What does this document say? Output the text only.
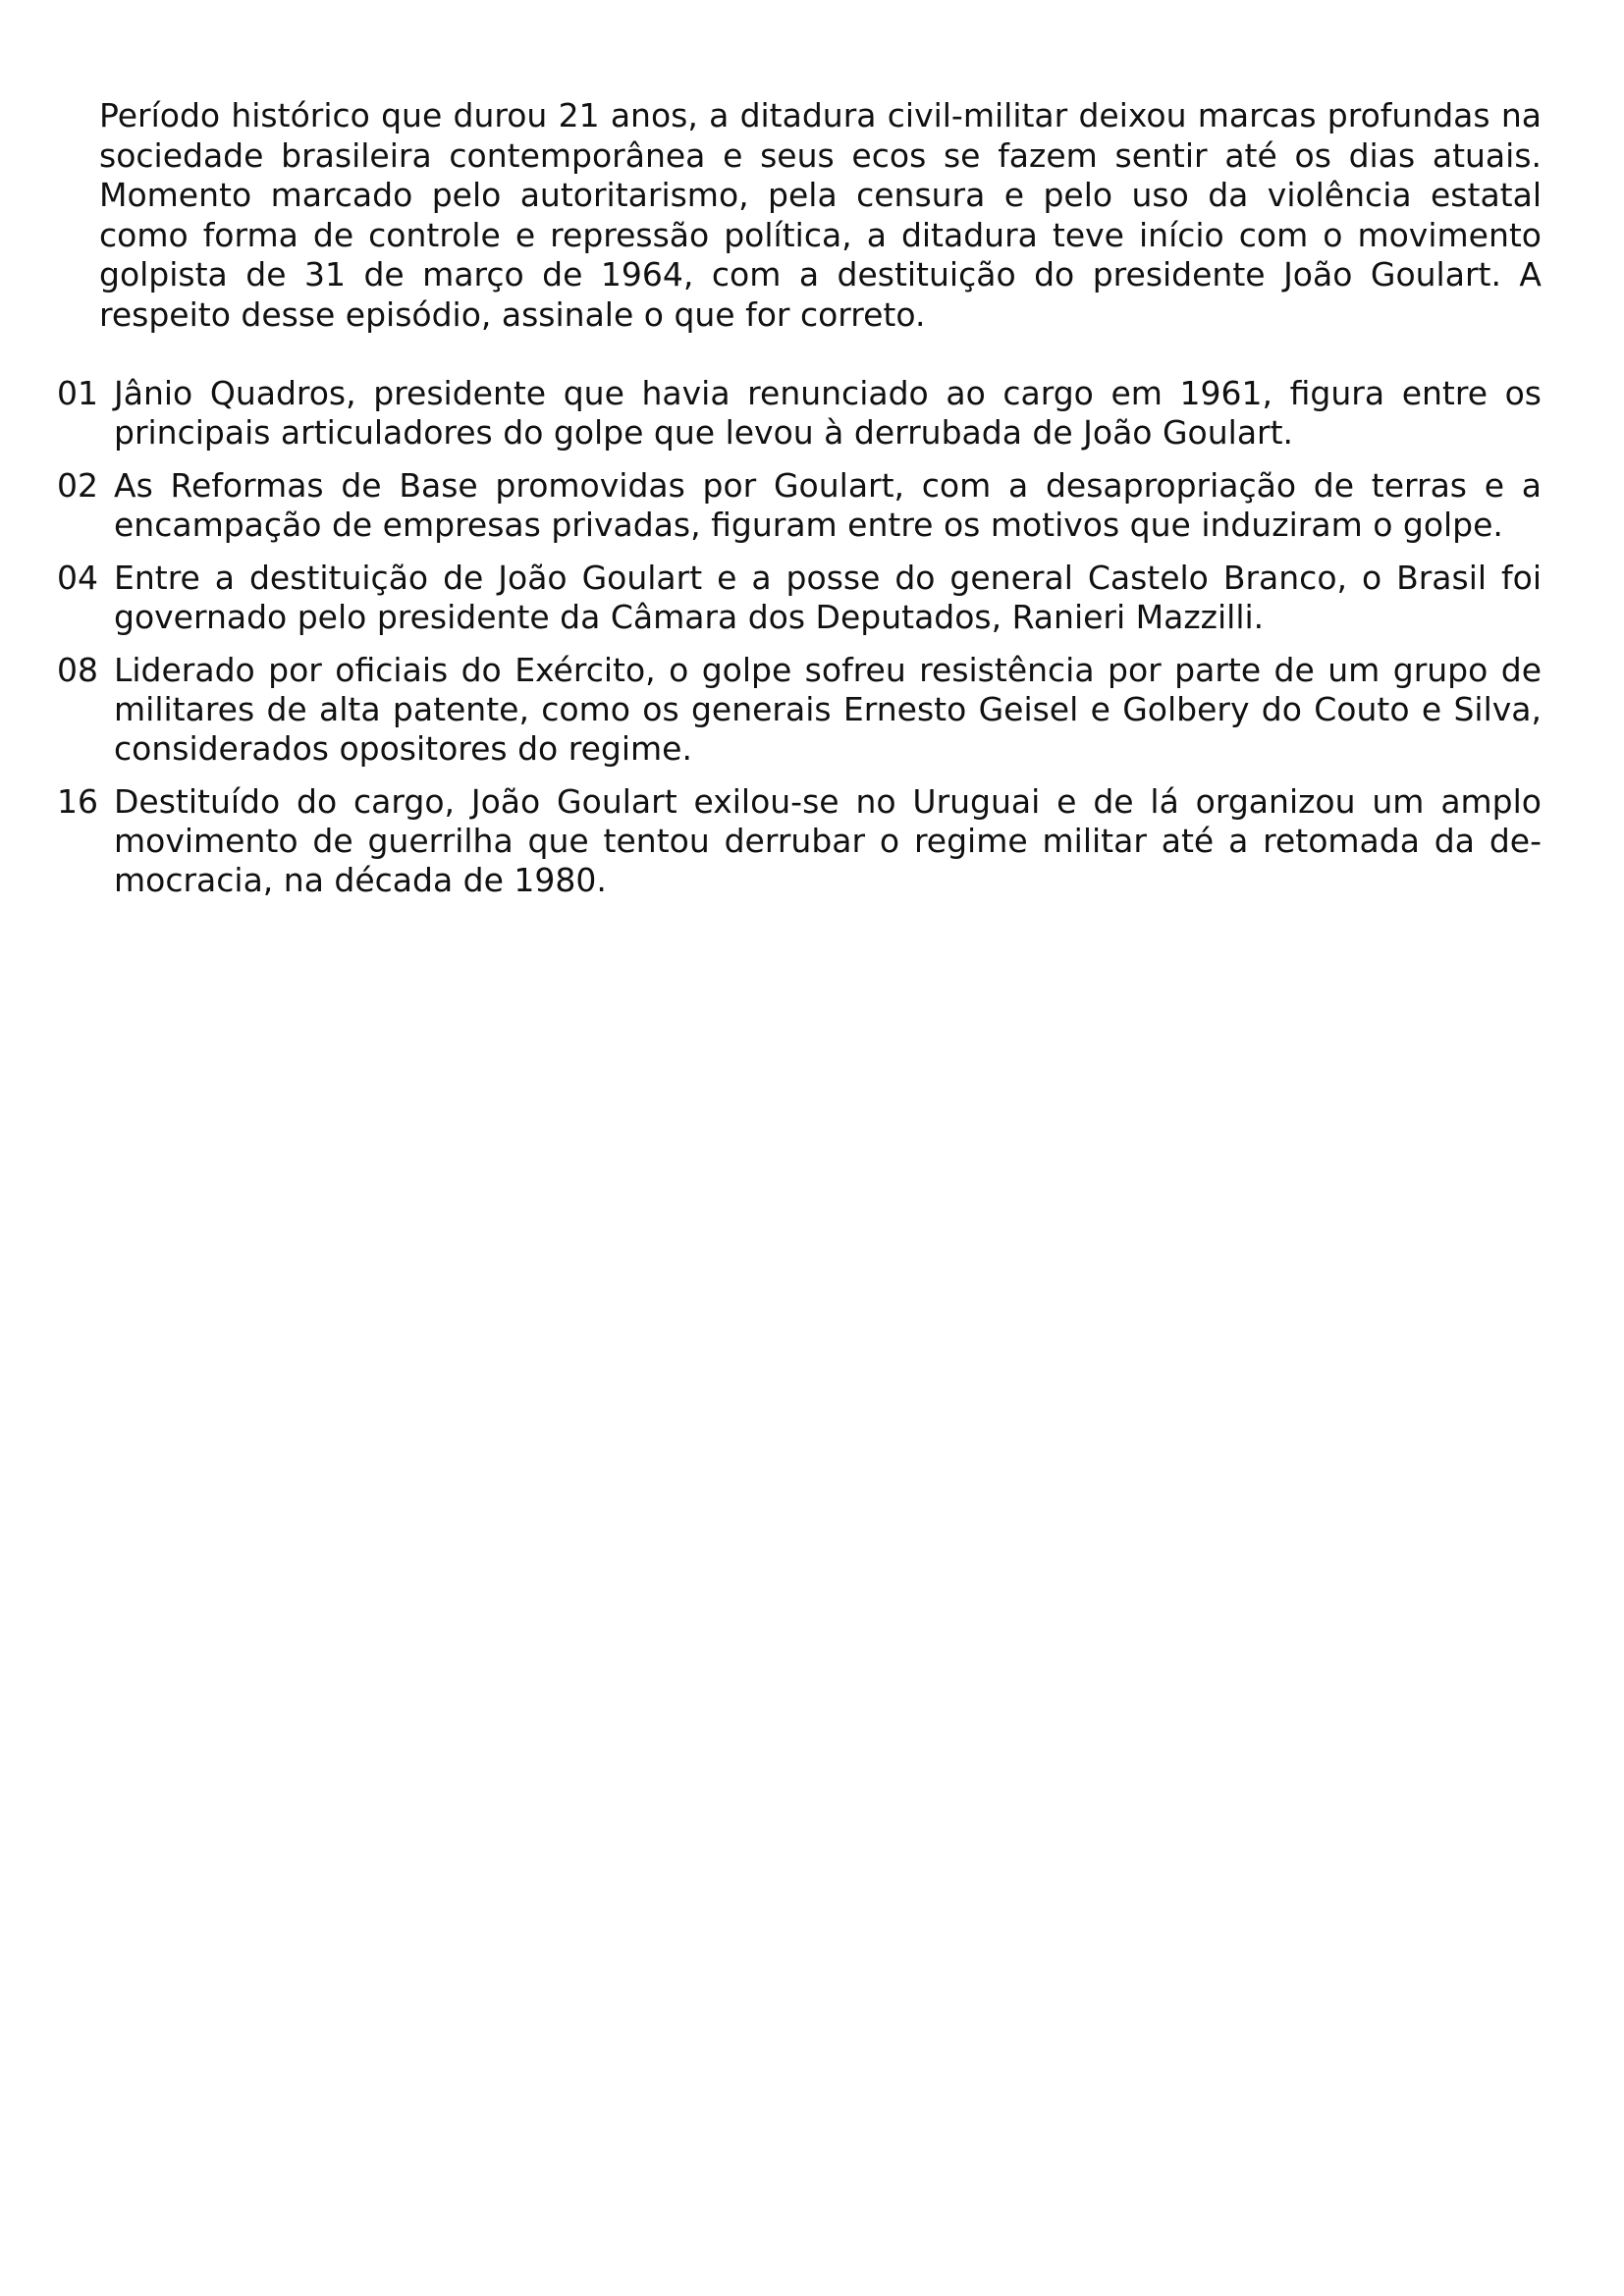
Período histórico que durou 21 anos, a ditadura civil-militar deixou marcas profundas na sociedade brasileira contemporânea e seus ecos se fazem sentir até os dias atuais. Momento marcado pelo autoritarismo, pela censura e pelo uso da violência estatal como forma de controle e repressão política, a ditadura teve início com o movimento golpista de 31 de março de 1964, com a destituição do presidente João Goulart. A respeito desse episódio, assinale o que for correto.

01 Jânio Quadros, presidente que havia renunciado ao cargo em 1961, figura entre os principais articuladores do golpe que levou à derrubada de João Goulart.
02 As Reformas de Base promovidas por Goulart, com a desapropriação de terras e a encampação de empresas privadas, figuram entre os motivos que induziram o golpe.
04 Entre a destituição de João Goulart e a posse do general Castelo Branco, o Brasil foi governado pelo presidente da Câmara dos Deputados, Ranieri Mazzilli.
08 Liderado por oficiais do Exército, o golpe sofreu resistência por parte de um grupo de militares de alta patente, como os generais Ernesto Geisel e Golbery do Couto e Silva, considerados opositores do regime.
16 Destituído do cargo, João Goulart exilou-se no Uruguai e de lá organizou um amplo movimento de guerrilha que tentou derrubar o regime militar até a retomada da democracia, na década de 1980.
